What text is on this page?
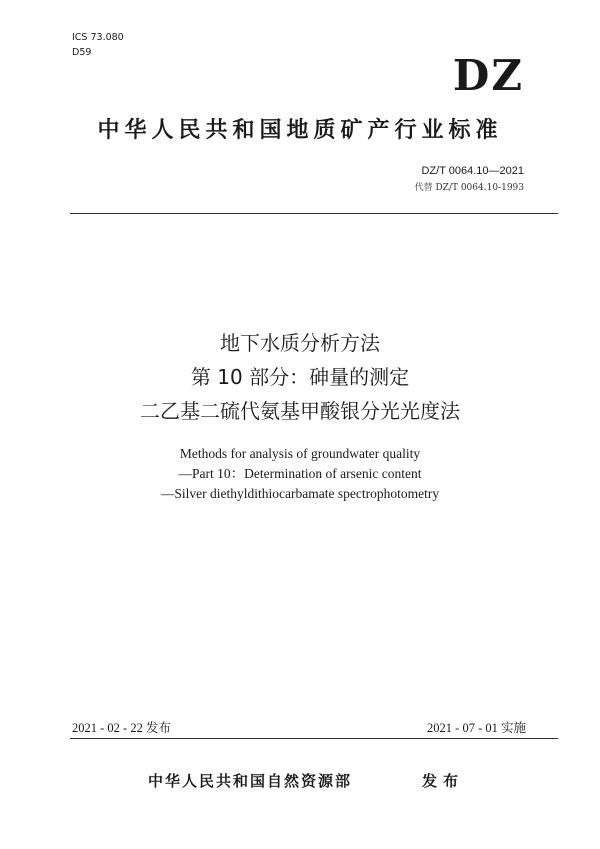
ICS 73.080
D59	DZ
中华人民共和国地质矿产行业标准
DZ/T 0064.10—2021
代替 DZ/T 0064.10-1993
地下水质分析方法
第 10 部分：砷量的测定
二乙基二硫代氨基甲酸银分光光度法
Methods for analysis of groundwater quality
—Part 10：Determination of arsenic content
—Silver diethyldithiocarbamate spectrophotometry
2021 - 02 - 22 发布	2021 - 07 - 01 实施
中华人民共和国自然资源部	发布
